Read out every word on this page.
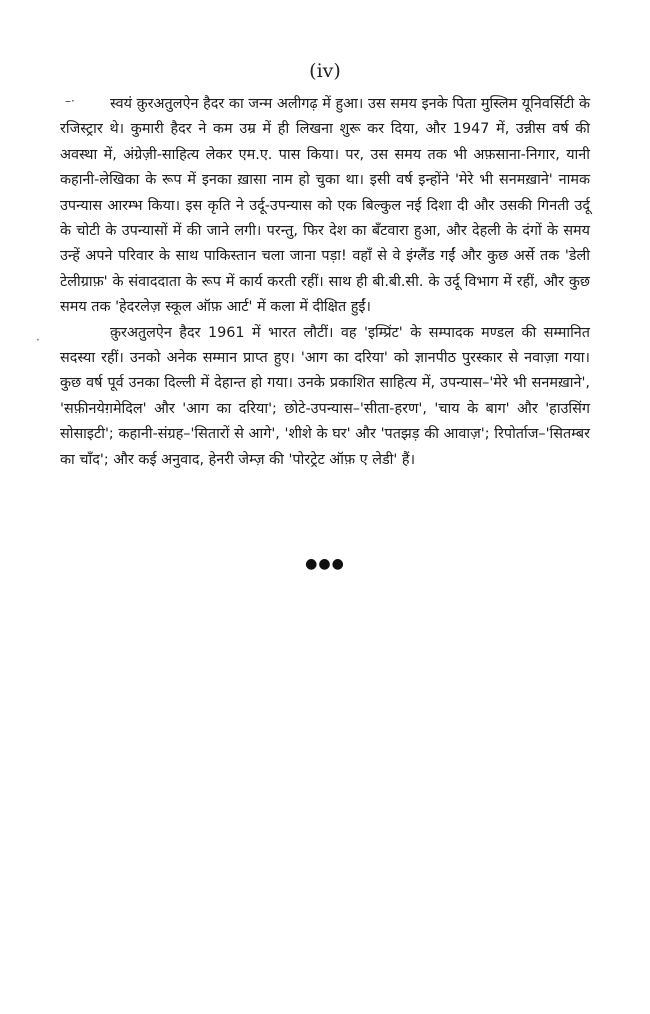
(iv)
–·
·

स्वयं क़ुरअतुलऐन हैदर का जन्म अलीगढ़ में हुआ। उस समय इनके पिता मुस्लिम यूनिवर्सिटी के रजिस्ट्रार थे। कुमारी हैदर ने कम उम्र में ही लिखना शुरू कर दिया, और 1947 में, उन्नीस वर्ष की अवस्था में, अंग्रेज़ी-साहित्य लेकर एम.ए. पास किया। पर, उस समय तक भी अफ़साना-निगार, यानी कहानी-लेखिका के रूप में इनका ख़ासा नाम हो चुका था। इसी वर्ष इन्होंने 'मेरे भी सनमख़ाने' नामक उपन्यास आरम्भ किया। इस कृति ने उर्दू-उपन्यास को एक बिल्कुल नई दिशा दी और उसकी गिनती उर्दू के चोटी के उपन्यासों में की जाने लगी। परन्तु, फिर देश का बँटवारा हुआ, और देहली के दंगों के समय उन्हें अपने परिवार के साथ पाकिस्तान चला जाना पड़ा! वहाँ से वे इंग्लैंड गईं और कुछ अर्से तक 'डेली टेलीग्राफ़' के संवाददाता के रूप में कार्य करती रहीं। साथ ही बी.बी.सी. के उर्दू विभाग में रहीं, और कुछ समय तक 'हेदरलेज़ स्कूल ऑफ़ आर्ट' में कला में दीक्षित हुईं।

क़ुरअतुलऐन हैदर 1961 में भारत लौटीं। वह 'इम्प्रिंट' के सम्पादक मण्डल की सम्मानित सदस्या रहीं। उनको अनेक सम्मान प्राप्त हुए। 'आग का दरिया' को ज्ञानपीठ पुरस्कार से नवाज़ा गया। कुछ वर्ष पूर्व उनका दिल्ली में देहान्त हो गया। उनके प्रकाशित साहित्य में, उपन्यास–'मेरे भी सनमख़ाने', 'सफ़ीनयेग़मेदिल' और 'आग का दरिया'; छोटे-उपन्यास–'सीता-हरण', 'चाय के बाग' और 'हाउसिंग सोसाइटी'; कहानी-संग्रह–'सितारों से आगे', 'शीशे के घर' और 'पतझड़ की आवाज़'; रिपोर्ताज–'सितम्बर का चाँद'; और कई अनुवाद, हेनरी जेम्ज़ की 'पोरट्रेट ऑफ़ ए लेडी' हैं।

●●●
